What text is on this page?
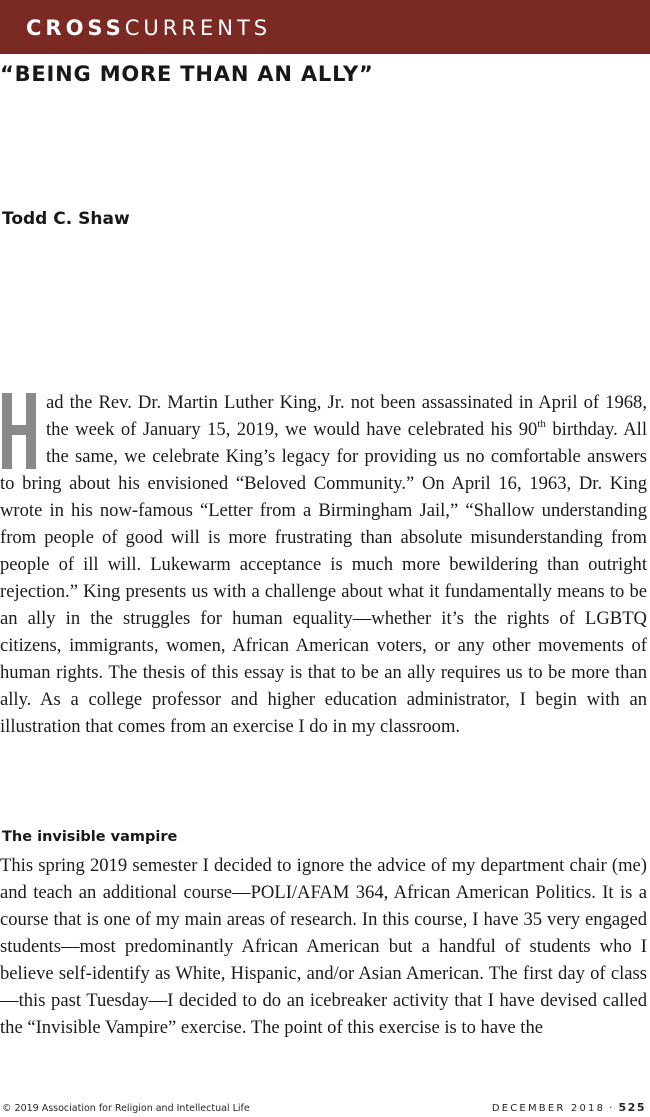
CROSSCURRENTS
“BEING MORE THAN AN ALLY”
Todd C. Shaw
ad the Rev. Dr. Martin Luther King, Jr. not been assassinated in April of 1968, the week of January 15, 2019, we would have celebrated his 90th birthday. All the same, we celebrate King’s legacy for providing us no comfortable answers to bring about his envisioned “Beloved Community.” On April 16, 1963, Dr. King wrote in his now-famous “Letter from a Birmingham Jail,” “Shallow understanding from people of good will is more frustrating than absolute misunderstanding from people of ill will. Lukewarm acceptance is much more bewildering than outright rejection.” King presents us with a challenge about what it fundamentally means to be an ally in the struggles for human equality—whether it’s the rights of LGBTQ citizens, immigrants, women, African American voters, or any other movements of human rights. The thesis of this essay is that to be an ally requires us to be more than ally. As a college professor and higher education administrator, I begin with an illustration that comes from an exercise I do in my classroom.
The invisible vampire
This spring 2019 semester I decided to ignore the advice of my department chair (me) and teach an additional course—POLI/AFAM 364, African American Politics. It is a course that is one of my main areas of research. In this course, I have 35 very engaged students—most predominantly African American but a handful of students who I believe self-identify as White, Hispanic, and/or Asian American. The first day of class—this past Tuesday—I decided to do an icebreaker activity that I have devised called the “Invisible Vampire” exercise. The point of this exercise is to have the
© 2019 Association for Religion and Intellectual Life	DECEMBER 2018 · 525
